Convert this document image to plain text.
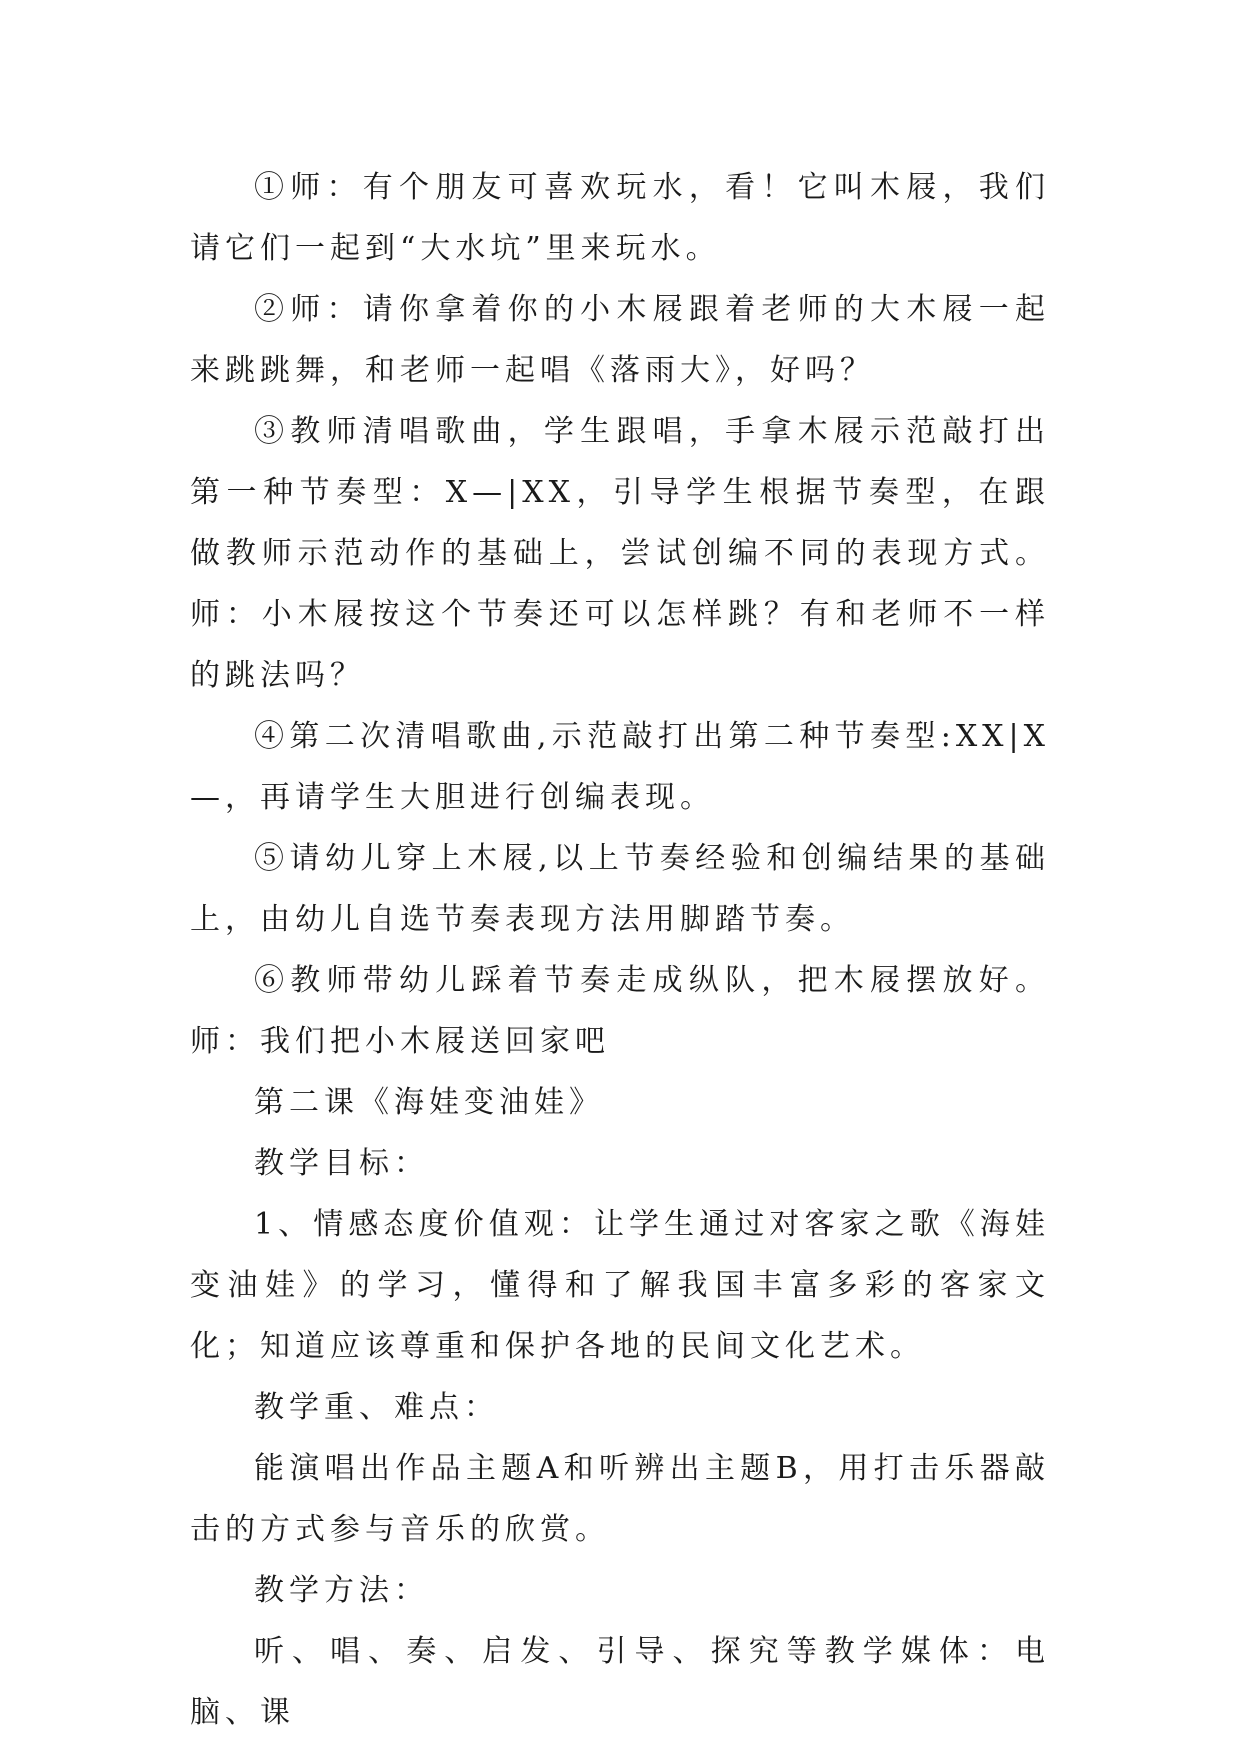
①师：有个朋友可喜欢玩水，看！它叫木屐，我们请它们一起到“大水坑”里来玩水。

②师：请你拿着你的小木屐跟着老师的大木屐一起来跳跳舞，和老师一起唱《落雨大》，好吗？

③教师清唱歌曲，学生跟唱，手拿木屐示范敲打出第一种节奏型：X—|XX，引导学生根据节奏型，在跟做教师示范动作的基础上，尝试创编不同的表现方式。师：小木屐按这个节奏还可以怎样跳？有和老师不一样的跳法吗？

④第二次清唱歌曲,示范敲打出第二种节奏型:XX|X—，再请学生大胆进行创编表现。

⑤请幼儿穿上木屐,以上节奏经验和创编结果的基础上，由幼儿自选节奏表现方法用脚踏节奏。

⑥教师带幼儿踩着节奏走成纵队，把木屐摆放好。师：我们把小木屐送回家吧

第二课《海娃变油娃》

教学目标：

1、情感态度价值观：让学生通过对客家之歌《海娃变油娃》的学习，懂得和了解我国丰富多彩的客家文化；知道应该尊重和保护各地的民间文化艺术。

教学重、难点：

能演唱出作品主题A和听辨出主题B，用打击乐器敲击的方式参与音乐的欣赏。

教学方法：

听、唱、奏、启发、引导、探究等教学媒体：电脑、课
